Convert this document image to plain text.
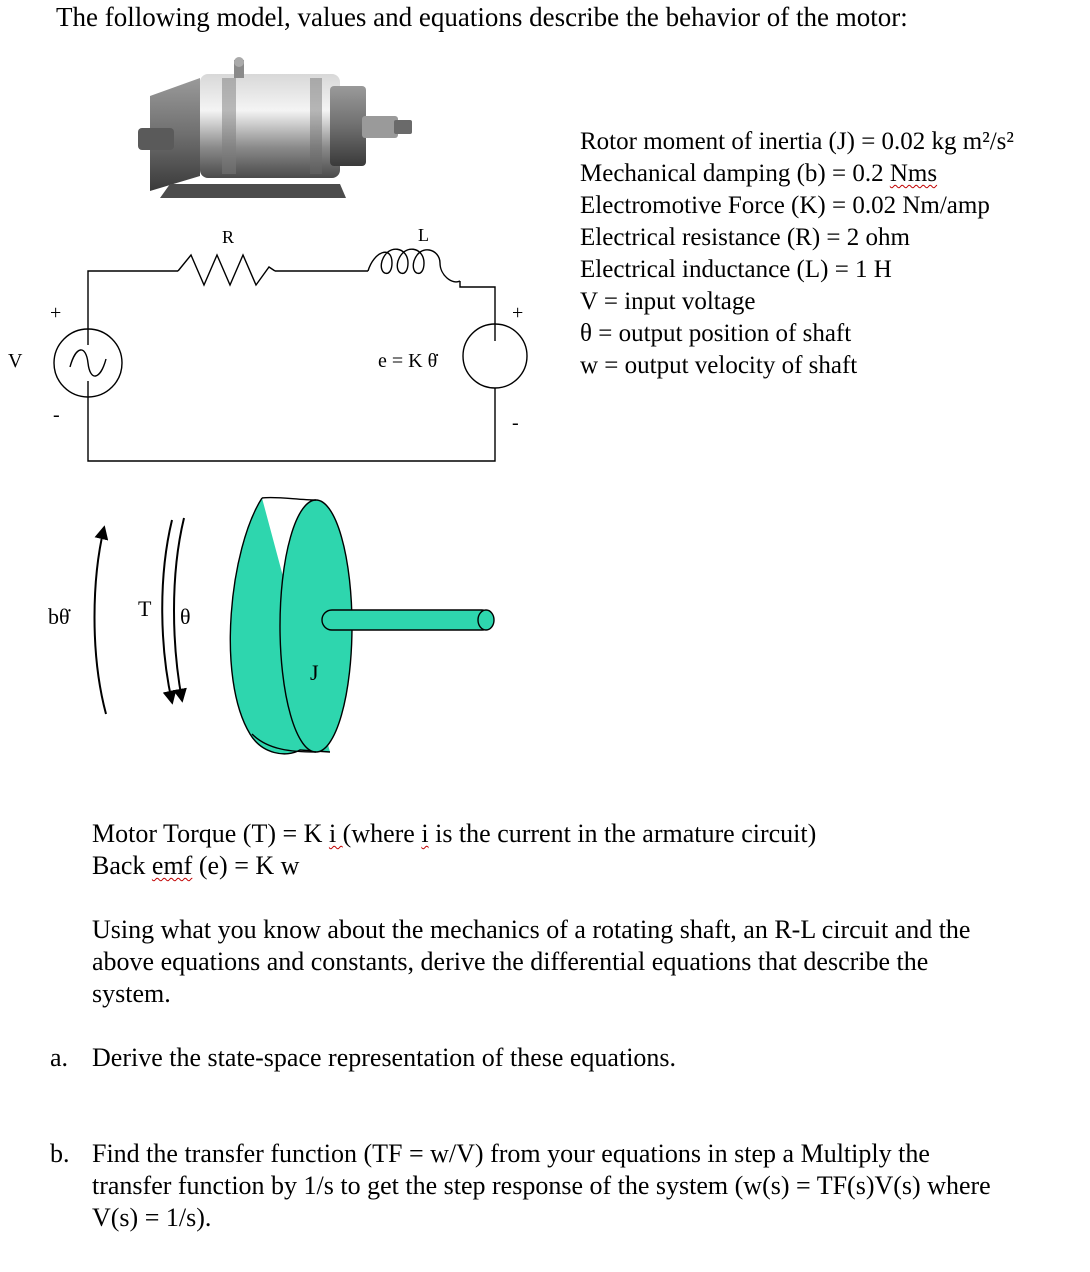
The following model, values and equations describe the behavior of the motor:
R	L
+	+
V
-	-
e = K θ̇
bθ̇	T θ
J
Rotor moment of inertia (J) = 0.02 kg m²/s²
Mechanical damping (b) = 0.2 Nms
Electromotive Force (K) = 0.02 Nm/amp
Electrical resistance (R) = 2 ohm
Electrical inductance (L) = 1 H
V = input voltage
θ = output position of shaft
w = output velocity of shaft
Motor Torque (T) = K i (where i is the current in the armature circuit)
Back emf (e) = K w
Using what you know about the mechanics of a rotating shaft, an R-L circuit and the above equations and constants, derive the differential equations that describe the system.
a. Derive the state-space representation of these equations.
b. Find the transfer function (TF = w/V) from your equations in step a Multiply the transfer function by 1/s to get the step response of the system (w(s) = TF(s)V(s) where V(s) = 1/s).
